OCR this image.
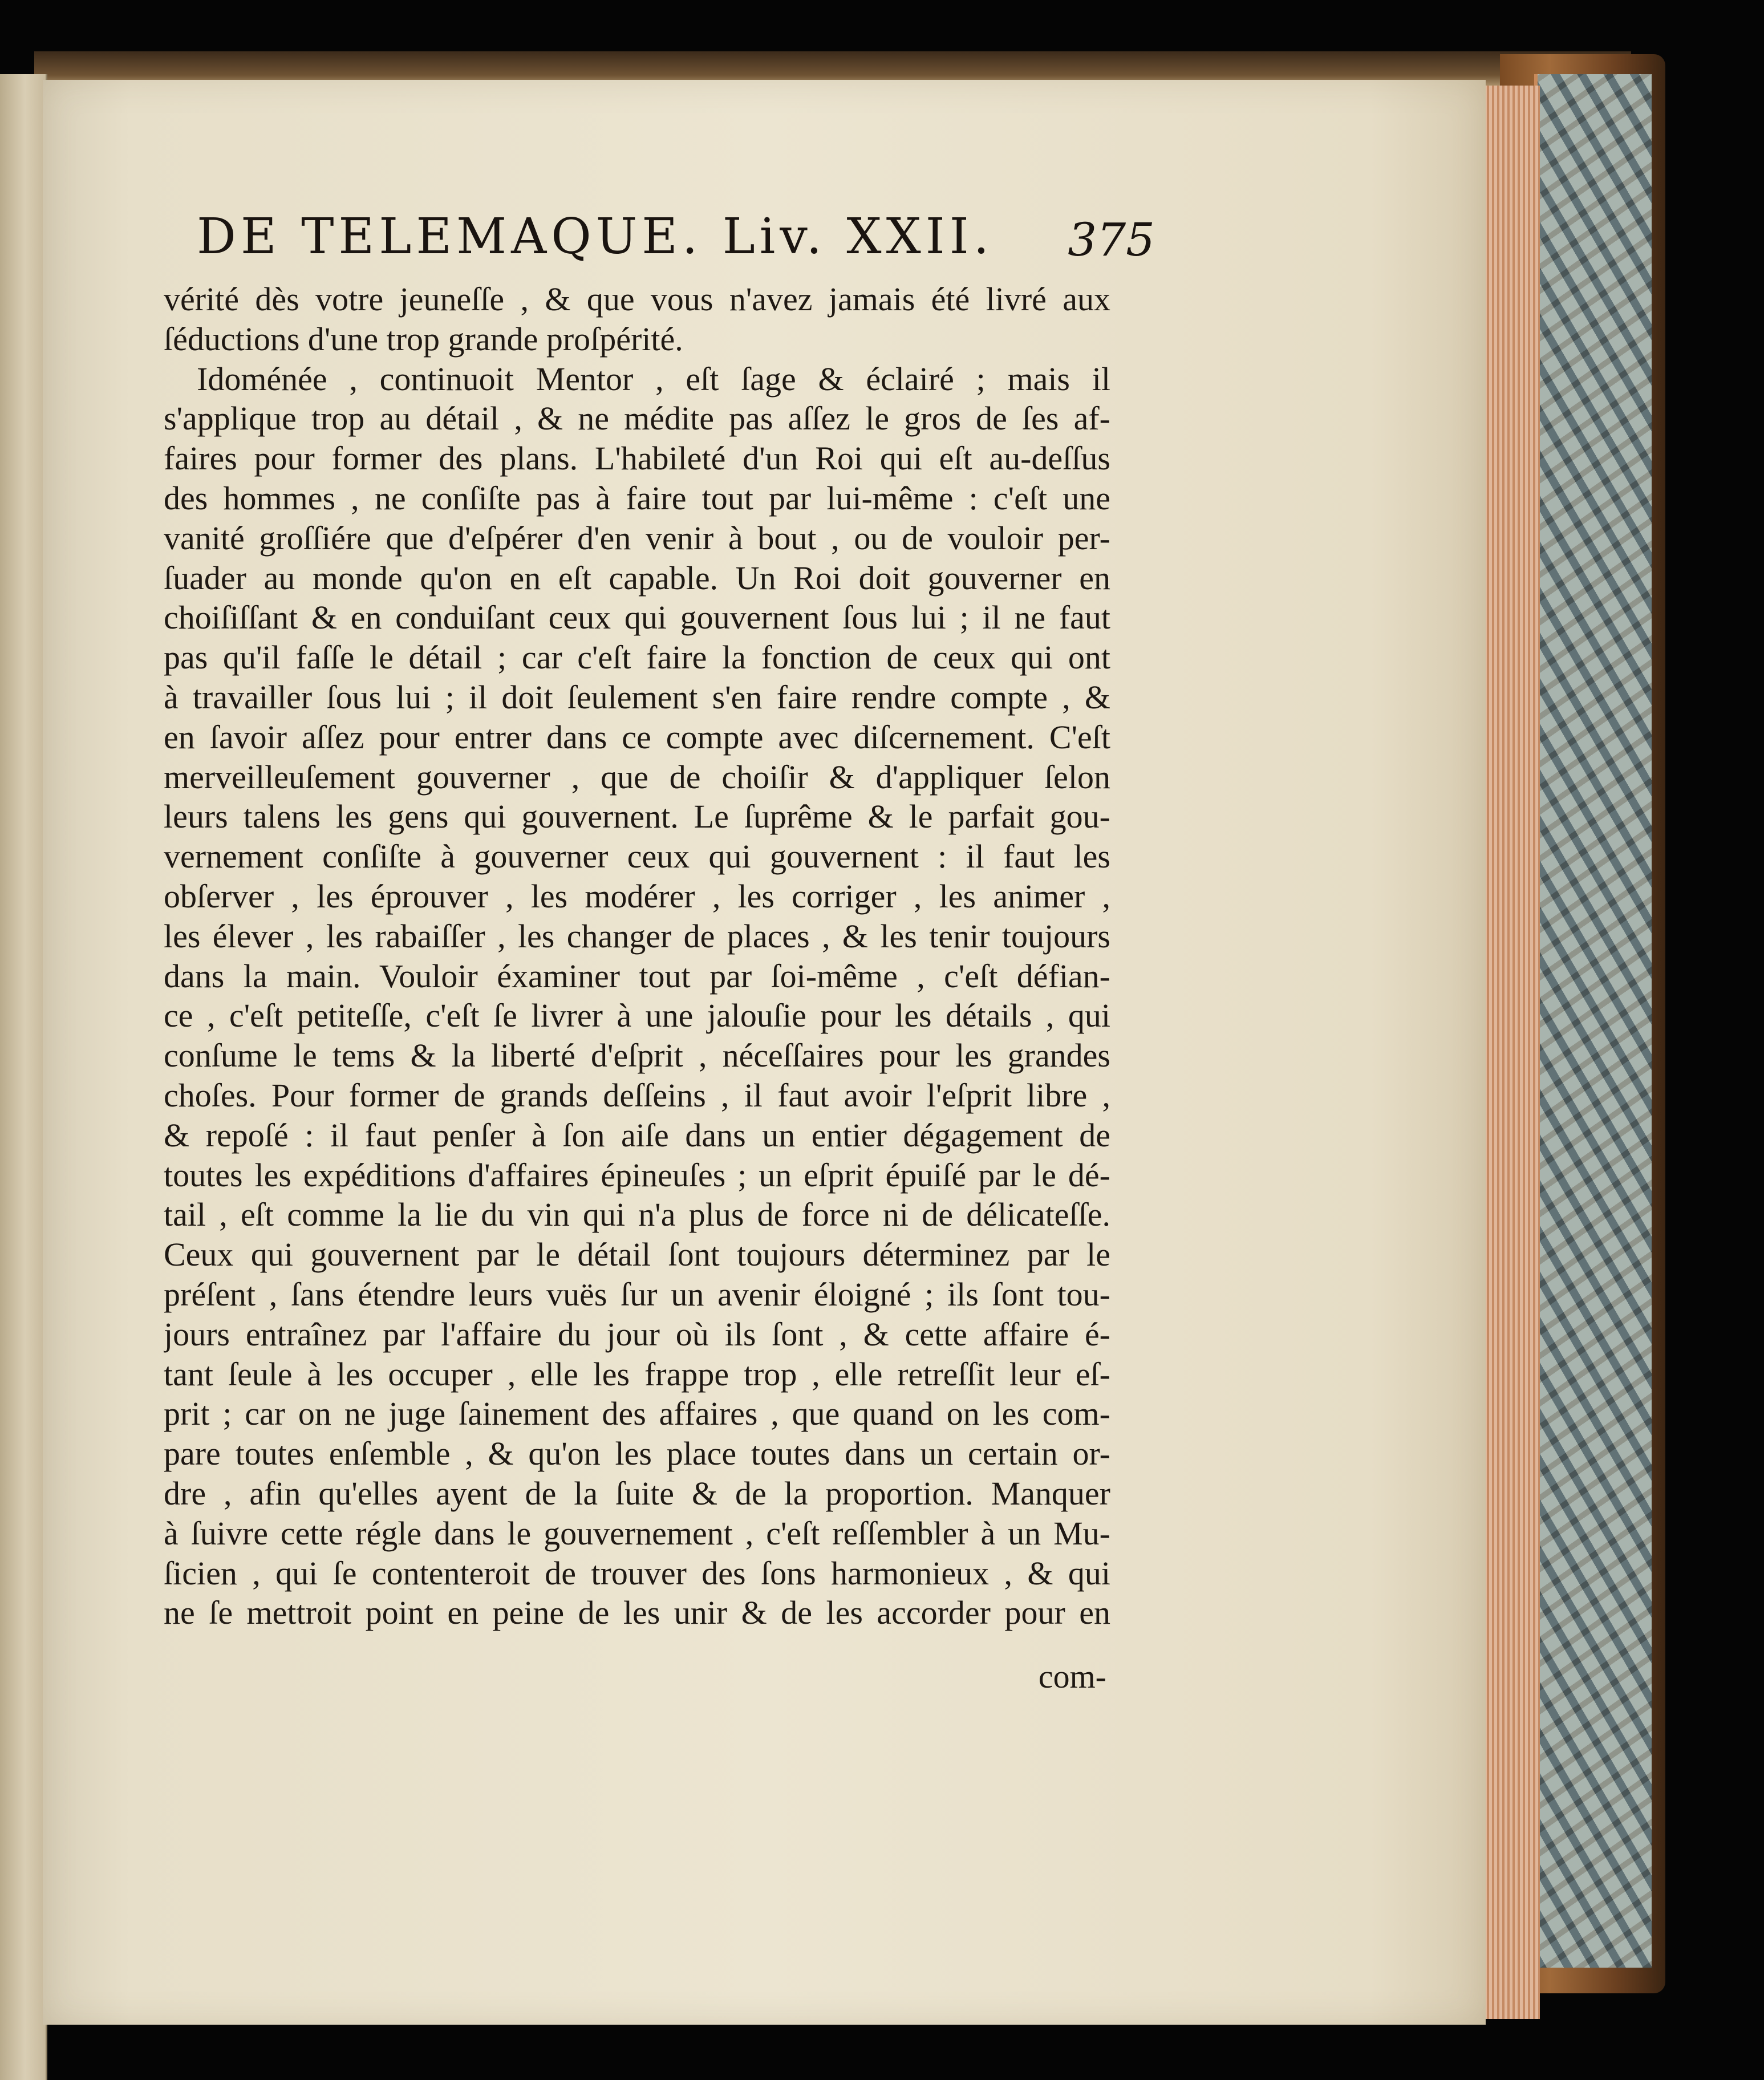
DE TELEMAQUE. Liv. XXII. 375
vérité dès votre jeuneſſe , & que vous n'avez jamais été livré aux
ſéductions d'une trop grande proſpérité.
Idoménée , continuoit Mentor , eſt ſage & éclairé ; mais il
s'applique trop au détail , & ne médite pas aſſez le gros de ſes af-
faires pour former des plans. L'habileté d'un Roi qui eſt au-deſſus
des hommes , ne conſiſte pas à faire tout par lui-même : c'eſt une
vanité groſſiére que d'eſpérer d'en venir à bout , ou de vouloir per-
ſuader au monde qu'on en eſt capable. Un Roi doit gouverner en
choiſiſſant & en conduiſant ceux qui gouvernent ſous lui ; il ne faut
pas qu'il faſſe le détail ; car c'eſt faire la fonction de ceux qui ont
à travailler ſous lui ; il doit ſeulement s'en faire rendre compte , &
en ſavoir aſſez pour entrer dans ce compte avec diſcernement. C'eſt
merveilleuſement gouverner , que de choiſir & d'appliquer ſelon
leurs talens les gens qui gouvernent. Le ſuprême & le parfait gou-
vernement conſiſte à gouverner ceux qui gouvernent : il faut les
obſerver , les éprouver , les modérer , les corriger , les animer ,
les élever , les rabaiſſer , les changer de places , & les tenir toujours
dans la main. Vouloir éxaminer tout par ſoi-même , c'eſt défian-
ce , c'eſt petiteſſe, c'eſt ſe livrer à une jalouſie pour les détails , qui
conſume le tems & la liberté d'eſprit , néceſſaires pour les grandes
choſes. Pour former de grands deſſeins , il faut avoir l'eſprit libre ,
& repoſé : il faut penſer à ſon aiſe dans un entier dégagement de
toutes les expéditions d'affaires épineuſes ; un eſprit épuiſé par le dé-
tail , eſt comme la lie du vin qui n'a plus de force ni de délicateſſe.
Ceux qui gouvernent par le détail ſont toujours déterminez par le
préſent , ſans étendre leurs vuës ſur un avenir éloigné ; ils ſont tou-
jours entraînez par l'affaire du jour où ils ſont , & cette affaire é-
tant ſeule à les occuper , elle les frappe trop , elle retreſſit leur eſ-
prit ; car on ne juge ſainement des affaires , que quand on les com-
pare toutes enſemble , & qu'on les place toutes dans un certain or-
dre , afin qu'elles ayent de la ſuite & de la proportion. Manquer
à ſuivre cette régle dans le gouvernement , c'eſt reſſembler à un Mu-
ſicien , qui ſe contenteroit de trouver des ſons harmonieux , & qui
ne ſe mettroit point en peine de les unir & de les accorder pour en
com-
